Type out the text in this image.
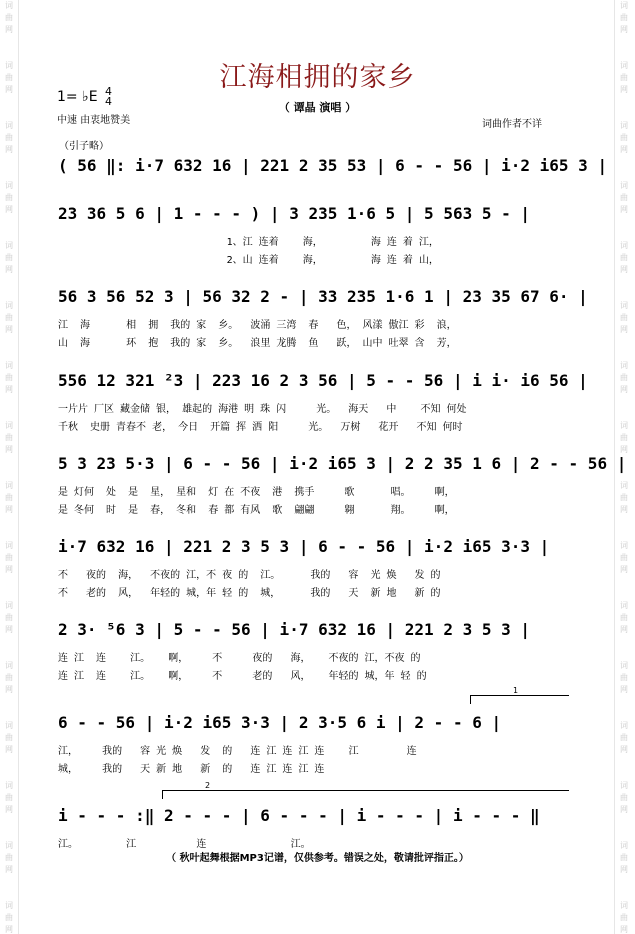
词
曲
网
词
曲
网
词
曲
网
词
曲
网
词
曲
网
词
曲
网
词
曲
网
词
曲
网
词
曲
网
词
曲
网
词
曲
网
词
曲
网
词
曲
网
词
曲
网
词
曲
网
词
曲
网
词
曲
网
词
曲
网
词
曲
网
词
曲
网
词
曲
网
词
曲
网
词
曲
网
词
曲
网
词
曲
网
词
曲
网
词
曲
网
词
曲
网
词
曲
网
词
曲
网
词
曲
网
词
曲
网
江海相拥的家乡
（ 谭晶 演唱 ）
1= ♭E 4
4
中速 由衷地赞美	词曲作者不详
（引子略）
( 56 ‖: i·7 632 16 | 221 2 35 53 | 6 - - 56 | i·2 i65 3 |
23 36 5 6 | 1 - - - ) | 3 235 1·6 5 | 5 563 5 - |
1、江 连着    海，        海 连 着 江，
2、山 连着    海，        海 连 着 山，
56 3 56 52 3 | 56 32 2 - | 33 235 1·6 1 | 23 35 67 6· |
江  海      相  拥  我的 家  乡。  波涌 三湾  春   色， 风漾 傲江 彩  浪，
山  海      环  抱  我的 家  乡。  浪里 龙腾  鱼   跃， 山中 吐翠 含  芳，
556 12 321 ²3 | 223 16 2 3 56 | 5 - - 56 | i i· i6 56 |
一片片 厂区 藏金储 银， 雄起的 海港 明 珠 闪     光。  海天   中    不知 何处
千秋  史册 青春不 老， 今日  开篇 挥 洒 阳     光。  万树   花开   不知 何时
5 3 23 5·3 | 6 - - 56 | i·2 i65 3 | 2 2 35 1 6 | 2 - - 56 |
是 灯何  处  是  星， 星和  灯 在 不夜  港  携手     歌      唱。    啊，
是 冬何  时  是  春， 冬和  春 都 有风  歌  翩翩     翱      翔。    啊，
i·7 632 16 | 221 2 3 5 3 | 6 - - 56 | i·2 i65 3·3 |
不   夜的  海，  不夜的 江，不 夜 的  江。     我的   容  光 焕   发 的
不   老的  风，  年轻的 城，年 轻 的  城，     我的   天  新 地   新 的
2 3· ⁵6 3 | 5 - - 56 | i·7 632 16 | 221 2 3 5 3 |
连 江  连    江。   啊，    不     夜的   海，   不夜的 江，不夜 的
连 江  连    江。   啊，    不     老的   风，   年轻的 城，年 轻 的
1
6 - - 56 | i·2 i65 3·3 | 2 3·5 6 i | 2 - - 6 |
江，    我的   容 光 焕   发  的   连 江 连 江 连    江        连
城，    我的   天 新 地   新  的   连 江 连 江 连
2
i - - - :‖ 2 - - - | 6 - - - | i - - - | i - - - ‖
江。        江          连              江。
（ 秋叶起舞根据MP3记谱，仅供参考。错误之处，敬请批评指正。）
